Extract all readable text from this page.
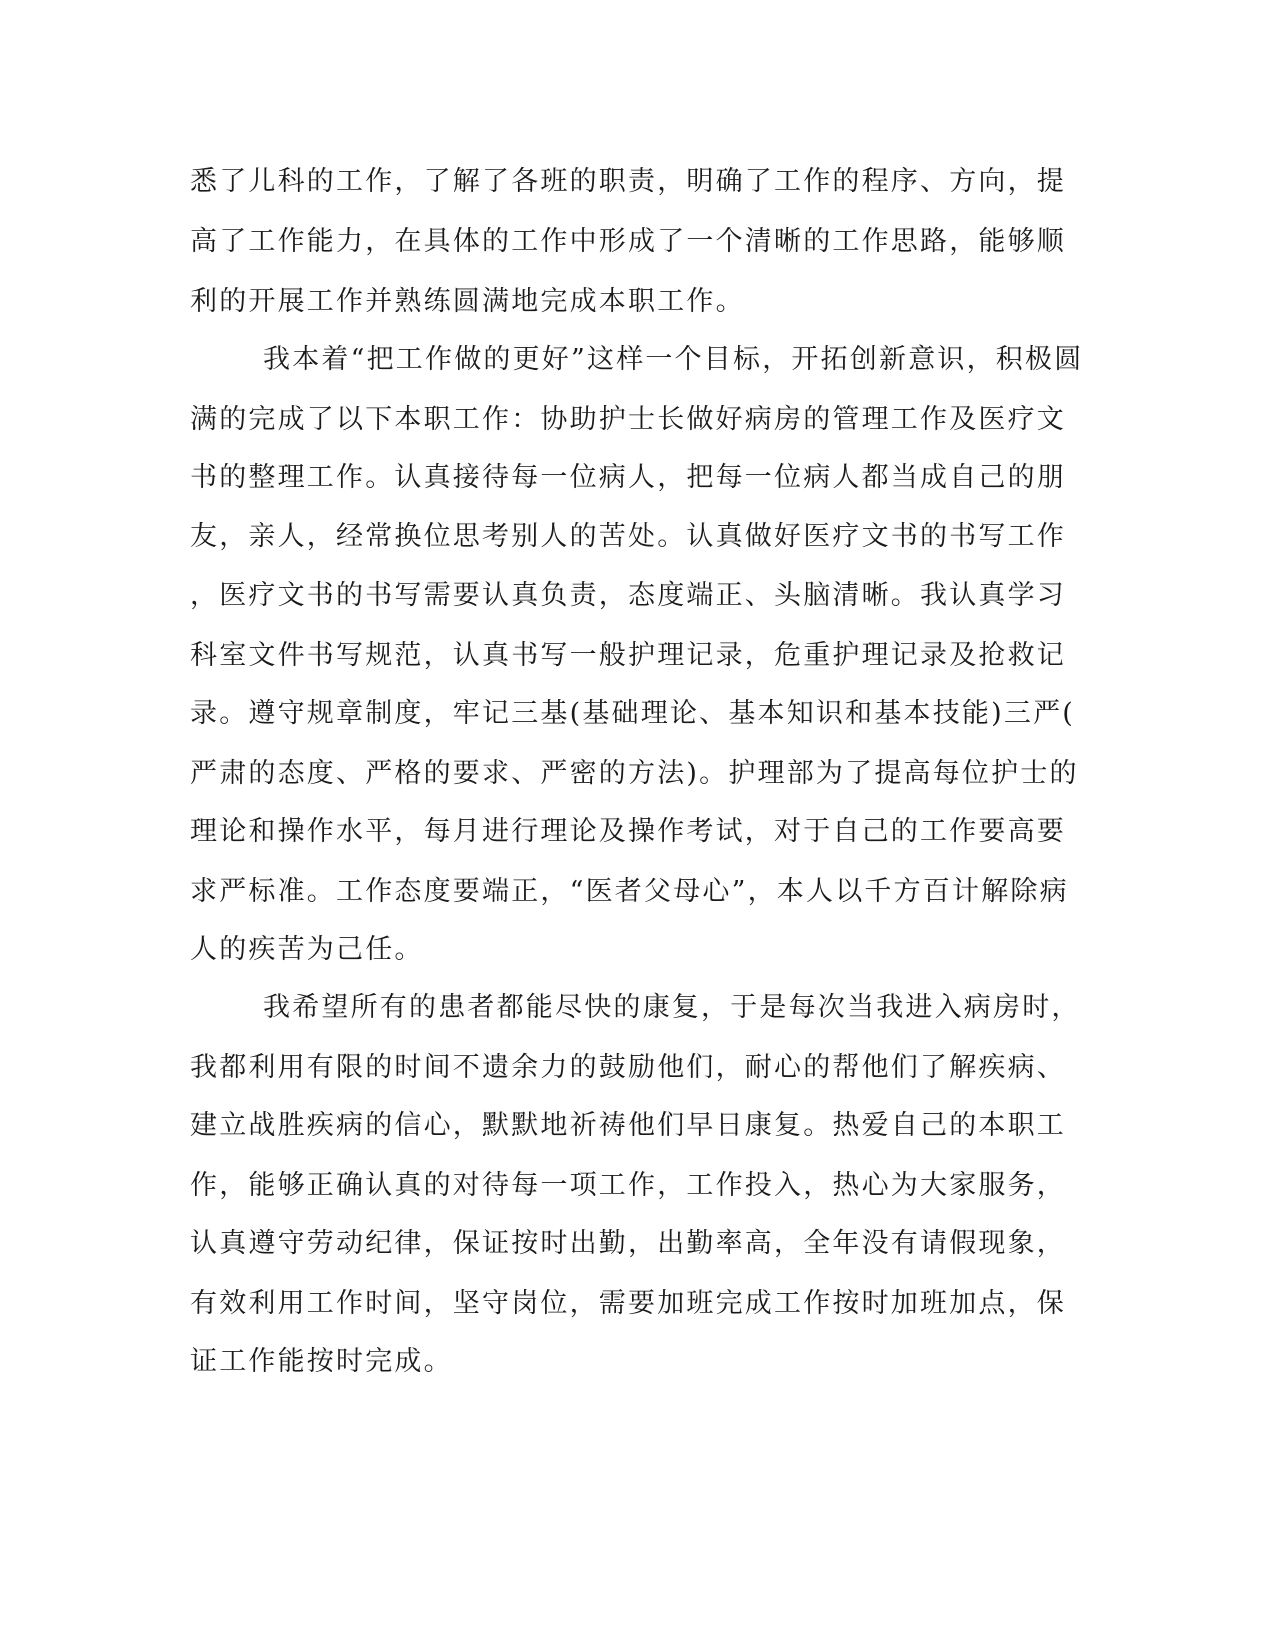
悉了儿科的工作，了解了各班的职责，明确了工作的程序、方向，提
高了工作能力，在具体的工作中形成了一个清晰的工作思路，能够顺
利的开展工作并熟练圆满地完成本职工作。
我本着“把工作做的更好”这样一个目标，开拓创新意识，积极圆
满的完成了以下本职工作：协助护士长做好病房的管理工作及医疗文
书的整理工作。认真接待每一位病人，把每一位病人都当成自己的朋
友，亲人，经常换位思考别人的苦处。认真做好医疗文书的书写工作
，医疗文书的书写需要认真负责，态度端正、头脑清晰。我认真学习
科室文件书写规范，认真书写一般护理记录，危重护理记录及抢救记
录。遵守规章制度，牢记三基(基础理论、基本知识和基本技能)三严(
严肃的态度、严格的要求、严密的方法)。护理部为了提高每位护士的
理论和操作水平，每月进行理论及操作考试，对于自己的工作要高要
求严标准。工作态度要端正，“医者父母心”，本人以千方百计解除病
人的疾苦为己任。
我希望所有的患者都能尽快的康复，于是每次当我进入病房时，
我都利用有限的时间不遗余力的鼓励他们，耐心的帮他们了解疾病、
建立战胜疾病的信心，默默地祈祷他们早日康复。热爱自己的本职工
作，能够正确认真的对待每一项工作，工作投入，热心为大家服务，
认真遵守劳动纪律，保证按时出勤，出勤率高，全年没有请假现象，
有效利用工作时间，坚守岗位，需要加班完成工作按时加班加点，保
证工作能按时完成。
